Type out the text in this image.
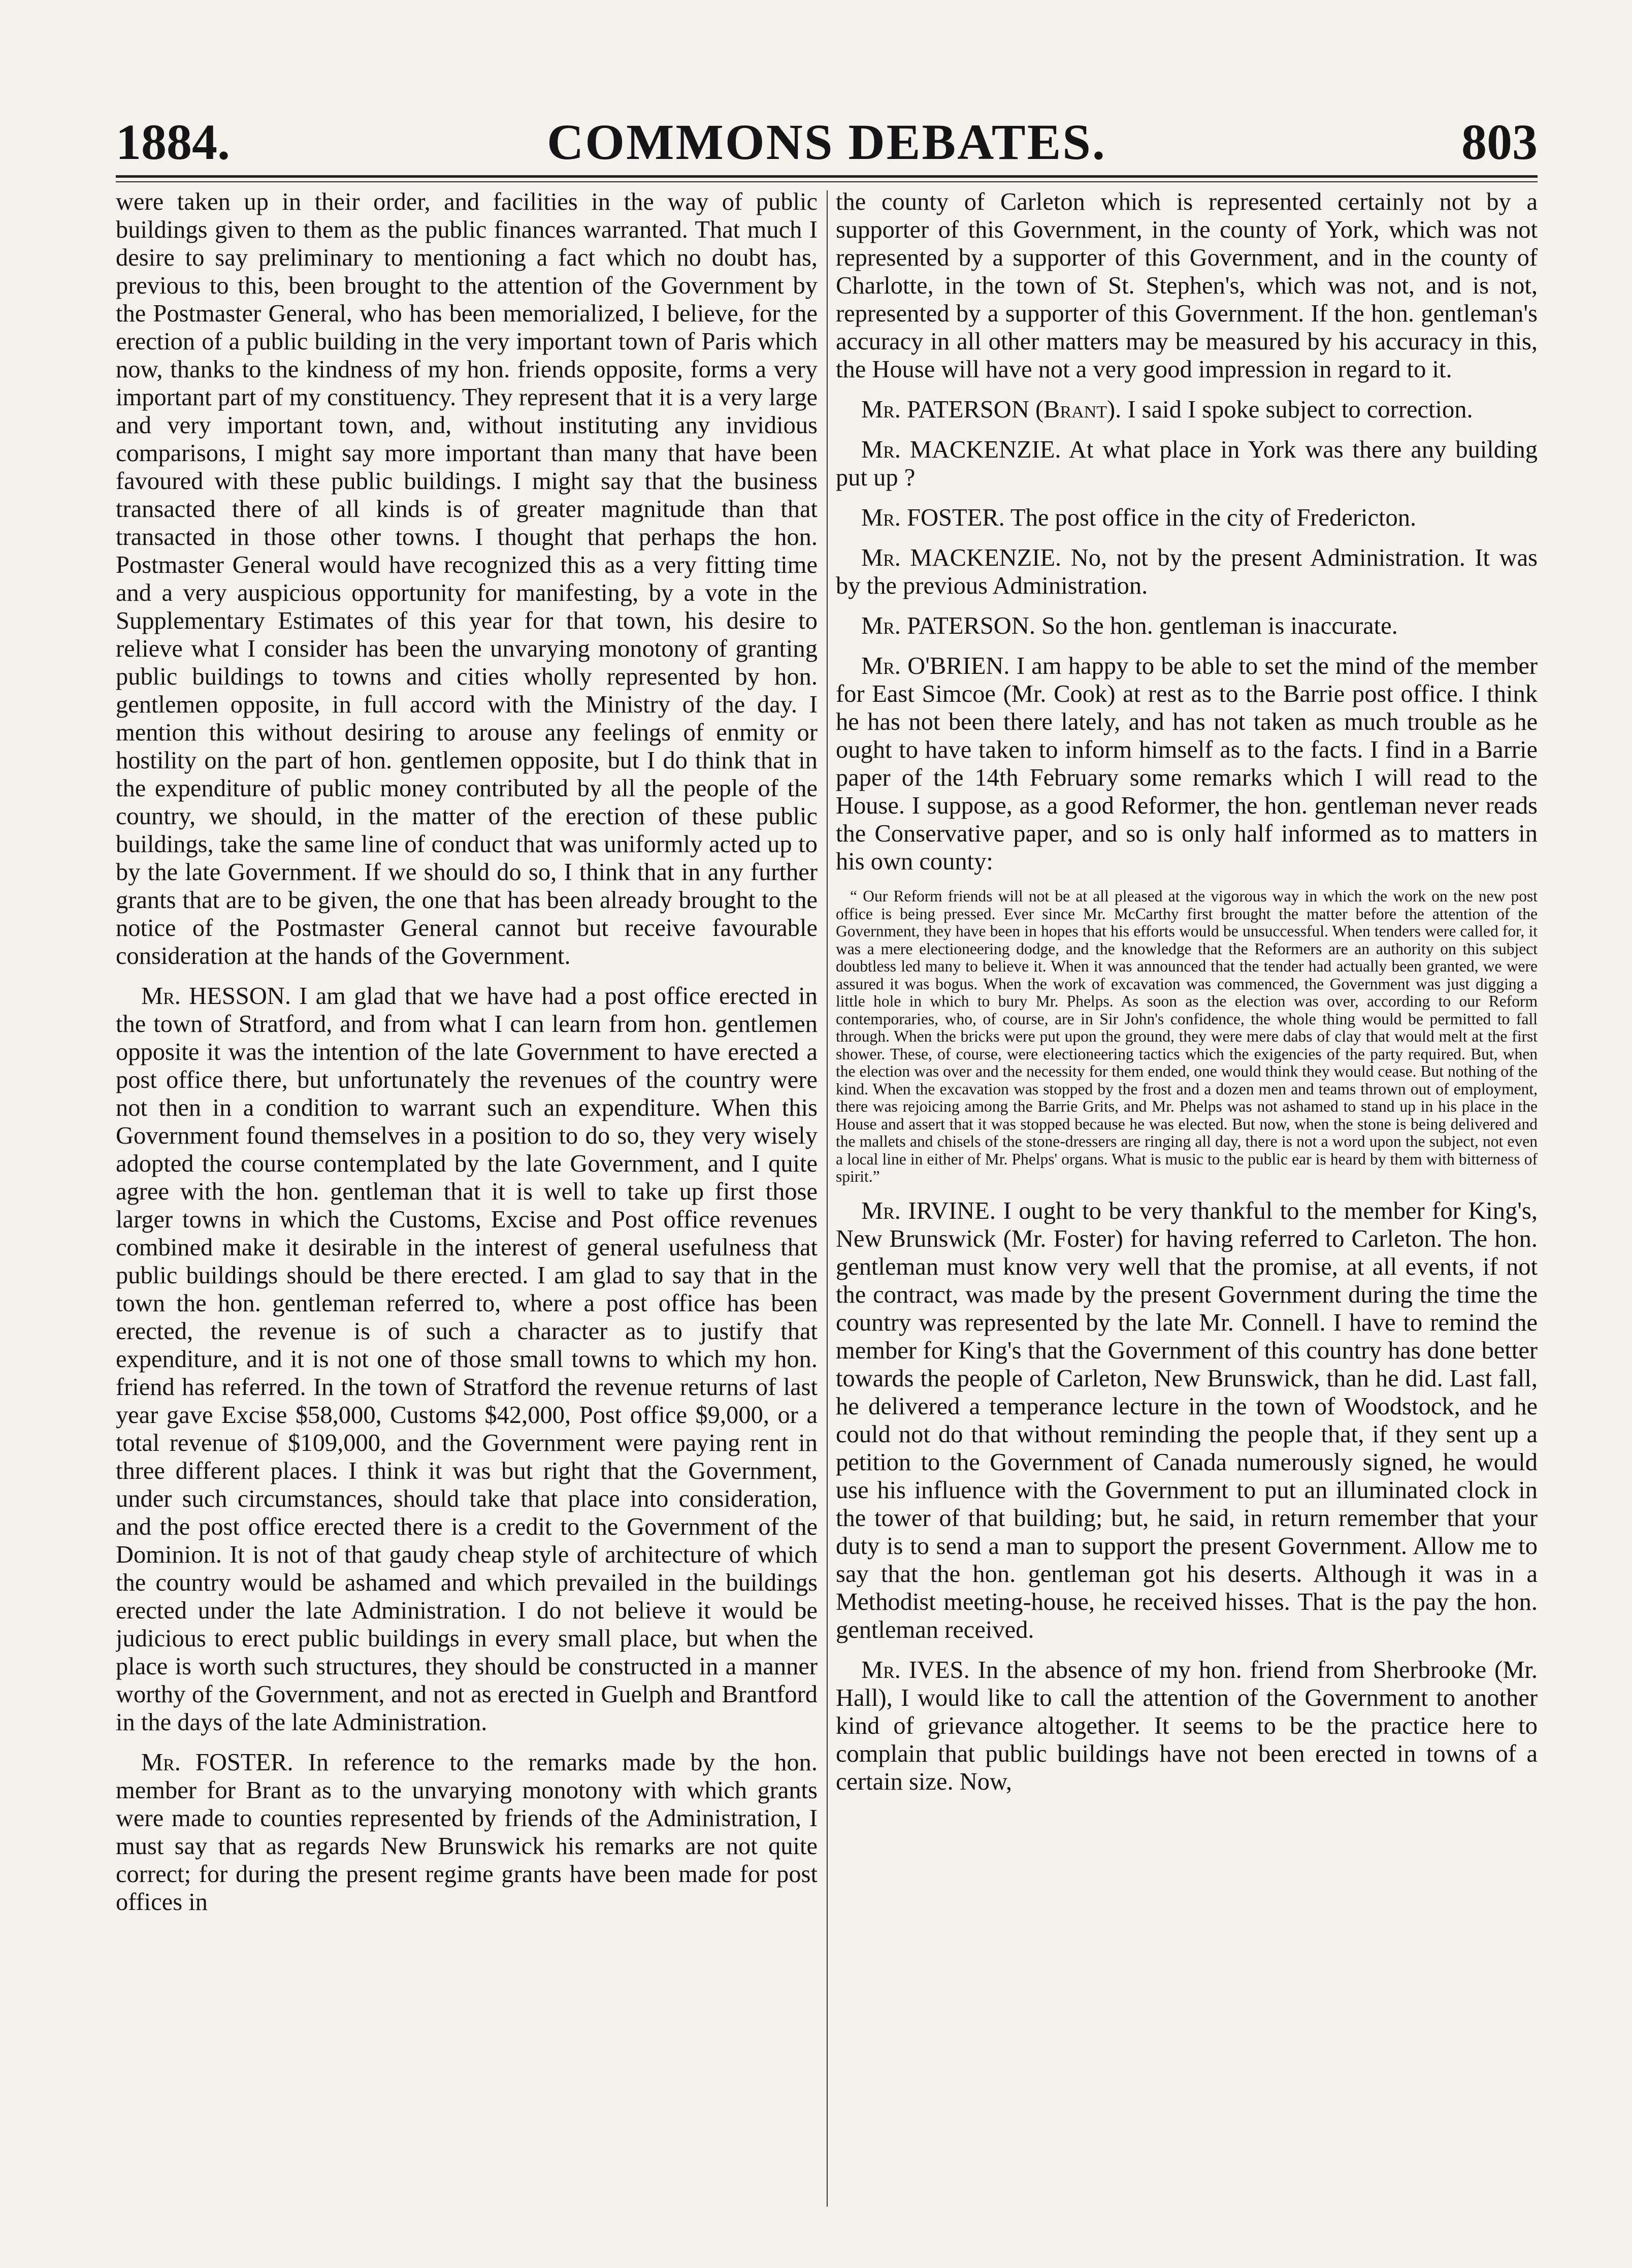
COMMONS DEBATES.
1884.	803

were taken up in their order, and facilities in the way of public buildings given to them as the public finances warranted. That much I desire to say preliminary to mentioning a fact which no doubt has, previous to this, been brought to the attention of the Government by the Postmaster General, who has been memorialized, I believe, for the erection of a public building in the very important town of Paris which now, thanks to the kindness of my hon. friends opposite, forms a very important part of my constituency. They represent that it is a very large and very important town, and, without instituting any invidious comparisons, I might say more important than many that have been favoured with these public buildings. I might say that the business transacted there of all kinds is of greater magnitude than that transacted in those other towns. I thought that perhaps the hon. Postmaster General would have recognized this as a very fitting time and a very auspicious opportunity for manifesting, by a vote in the Supplementary Estimates of this year for that town, his desire to relieve what I consider has been the unvarying monotony of granting public buildings to towns and cities wholly represented by hon. gentlemen opposite, in full accord with the Ministry of the day. I mention this without desiring to arouse any feelings of enmity or hostility on the part of hon. gentlemen opposite, but I do think that in the expenditure of public money contributed by all the people of the country, we should, in the matter of the erection of these public buildings, take the same line of conduct that was uniformly acted up to by the late Government. If we should do so, I think that in any further grants that are to be given, the one that has been already brought to the notice of the Postmaster General cannot but receive favourable consideration at the hands of the Government.

Mr. HESSON. I am glad that we have had a post office erected in the town of Stratford, and from what I can learn from hon. gentlemen opposite it was the intention of the late Government to have erected a post office there, but unfortunately the revenues of the country were not then in a condition to warrant such an expenditure. When this Government found themselves in a position to do so, they very wisely adopted the course contemplated by the late Government, and I quite agree with the hon. gentleman that it is well to take up first those larger towns in which the Customs, Excise and Post office revenues combined make it desirable in the interest of general usefulness that public buildings should be there erected. I am glad to say that in the town the hon. gentleman referred to, where a post office has been erected, the revenue is of such a character as to justify that expenditure, and it is not one of those small towns to which my hon. friend has referred. In the town of Stratford the revenue returns of last year gave Excise $58,000, Customs $42,000, Post office $9,000, or a total revenue of $109,000, and the Government were paying rent in three different places. I think it was but right that the Government, under such circumstances, should take that place into consideration, and the post office erected there is a credit to the Government of the Dominion. It is not of that gaudy cheap style of architecture of which the country would be ashamed and which prevailed in the buildings erected under the late Administration. I do not believe it would be judicious to erect public buildings in every small place, but when the place is worth such structures, they should be constructed in a manner worthy of the Government, and not as erected in Guelph and Brantford in the days of the late Administration.

Mr. FOSTER. In reference to the remarks made by the hon. member for Brant as to the unvarying monotony with which grants were made to counties represented by friends of the Administration, I must say that as regards New Brunswick his remarks are not quite correct; for during the present regime grants have been made for post offices in

the county of Carleton which is represented certainly not by a supporter of this Government, in the county of York, which was not represented by a supporter of this Government, and in the county of Charlotte, in the town of St. Stephen's, which was not, and is not, represented by a supporter of this Government. If the hon. gentleman's accuracy in all other matters may be measured by his accuracy in this, the House will have not a very good impression in regard to it.

Mr. PATERSON (Brant). I said I spoke subject to correction.

Mr. MACKENZIE. At what place in York was there any building put up ?

Mr. FOSTER. The post office in the city of Fredericton.

Mr. MACKENZIE. No, not by the present Administration. It was by the previous Administration.

Mr. PATERSON. So the hon. gentleman is inaccurate.

Mr. O'BRIEN. I am happy to be able to set the mind of the member for East Simcoe (Mr. Cook) at rest as to the Barrie post office. I think he has not been there lately, and has not taken as much trouble as he ought to have taken to inform himself as to the facts. I find in a Barrie paper of the 14th February some remarks which I will read to the House. I suppose, as a good Reformer, the hon. gentleman never reads the Conservative paper, and so is only half informed as to matters in his own county:

“ Our Reform friends will not be at all pleased at the vigorous way in which the work on the new post office is being pressed. Ever since Mr. McCarthy first brought the matter before the attention of the Government, they have been in hopes that his efforts would be unsuccessful. When tenders were called for, it was a mere electioneering dodge, and the knowledge that the Reformers are an authority on this subject doubtless led many to believe it. When it was announced that the tender had actually been granted, we were assured it was bogus. When the work of excavation was commenced, the Government was just digging a little hole in which to bury Mr. Phelps. As soon as the election was over, according to our Reform contemporaries, who, of course, are in Sir John's confidence, the whole thing would be permitted to fall through. When the bricks were put upon the ground, they were mere dabs of clay that would melt at the first shower. These, of course, were electioneering tactics which the exigencies of the party required. But, when the election was over and the necessity for them ended, one would think they would cease. But nothing of the kind. When the excavation was stopped by the frost and a dozen men and teams thrown out of employment, there was rejoicing among the Barrie Grits, and Mr. Phelps was not ashamed to stand up in his place in the House and assert that it was stopped because he was elected. But now, when the stone is being delivered and the mallets and chisels of the stone-dressers are ringing all day, there is not a word upon the subject, not even a local line in either of Mr. Phelps' organs. What is music to the public ear is heard by them with bitterness of spirit.”

Mr. IRVINE. I ought to be very thankful to the member for King's, New Brunswick (Mr. Foster) for having referred to Carleton. The hon. gentleman must know very well that the promise, at all events, if not the contract, was made by the present Government during the time the country was represented by the late Mr. Connell. I have to remind the member for King's that the Government of this country has done better towards the people of Carleton, New Brunswick, than he did. Last fall, he delivered a temperance lecture in the town of Woodstock, and he could not do that without reminding the people that, if they sent up a petition to the Government of Canada numerously signed, he would use his influence with the Government to put an illuminated clock in the tower of that building; but, he said, in return remember that your duty is to send a man to support the present Government. Allow me to say that the hon. gentleman got his deserts. Although it was in a Methodist meeting-house, he received hisses. That is the pay the hon. gentleman received.

Mr. IVES. In the absence of my hon. friend from Sherbrooke (Mr. Hall), I would like to call the attention of the Government to another kind of grievance altogether. It seems to be the practice here to complain that public buildings have not been erected in towns of a certain size. Now,
